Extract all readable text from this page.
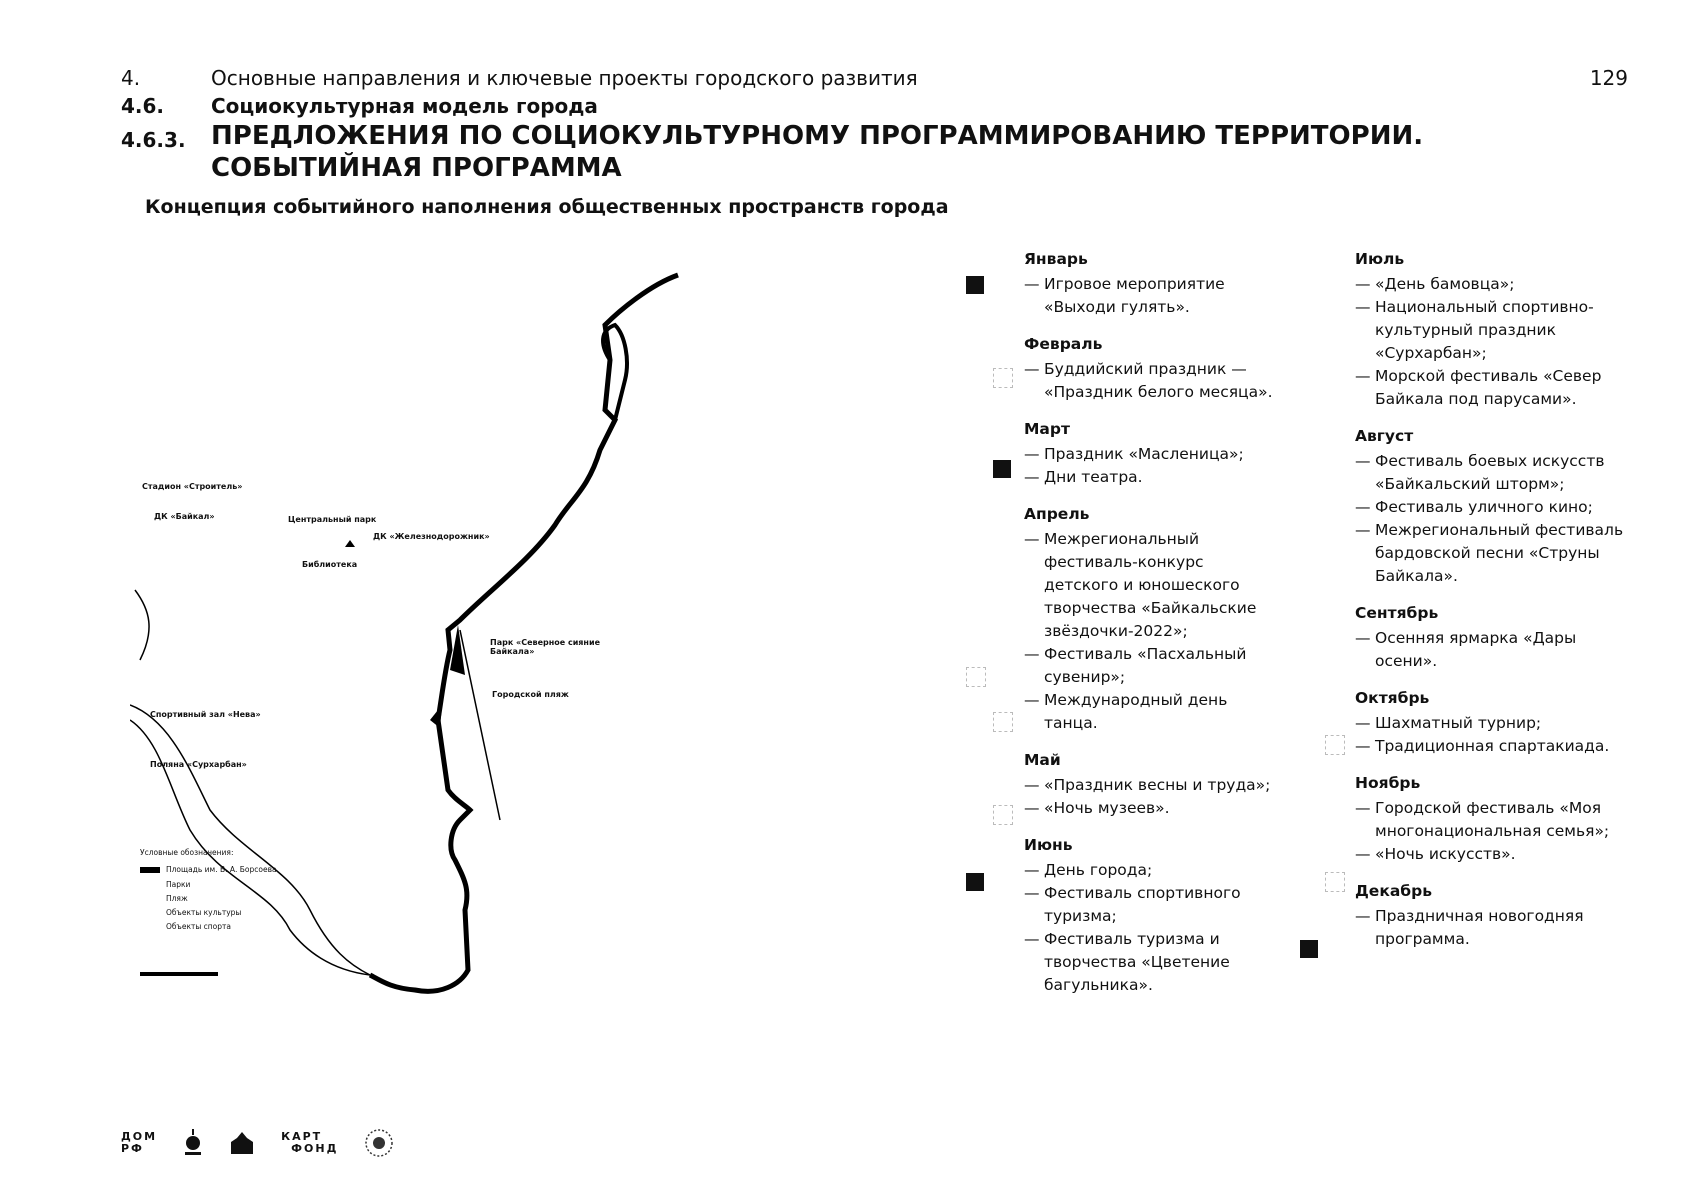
4.	Основные направления и ключевые проекты городского развития
4.6.	Социокультурная модель города
4.6.3. ПРЕДЛОЖЕНИЯ ПО СОЦИОКУЛЬТУРНОМУ ПРОГРАММИРОВАНИЮ ТЕРРИТОРИИ.
СОБЫТИЙНАЯ ПРОГРАММА
129
Концепция событийного наполнения общественных пространств города
Стадион «Строитель»
ДК «Байкал»	Центральный парк
ДК «Железнодорожник»
Библиотека
Парк «Северное сияние Байкала»
Городской пляж
Спортивный зал «Нева»
Поляна «Сурхарбан»
Условные обозначения:
Площадь им. В. А. Борсоева
Парки
Пляж
Объекты культуры
Объекты спорта
Январь
— Игровое мероприятие «Выходи гулять».
Февраль
— Буддийский праздник — «Праздник белого месяца».
Март
— Праздник «Масленица»;
— Дни театра.
Апрель
— Межрегиональный фестиваль-конкурс детского и юношеского творчества «Байкальские звёздочки-2022»;
— Фестиваль «Пасхальный сувенир»;
— Международный день танца.
Май
— «Праздник весны и труда»;
— «Ночь музеев».
Июнь
— День города;
— Фестиваль спортивного туризма;
— Фестиваль туризма и творчества «Цветение багульника».
Июль
— «День бамовца»;
— Национальный спортивно-культурный праздник «Сурхарбан»;
— Морской фестиваль «Север Байкала под парусами».
Август
— Фестиваль боевых искусств «Байкальский шторм»;
— Фестиваль уличного кино;
— Межрегиональный фестиваль бардовской песни «Струны Байкала».
Сентябрь
— Осенняя ярмарка «Дары осени».
Октябрь
— Шахматный турнир;
— Традиционная спартакиада.
Ноябрь
— Городской фестиваль «Моя многонациональная семья»;
— «Ночь искусств».
Декабрь
— Праздничная новогодняя программа.
ДОМ
РФ
КАРТ
ФОНД
